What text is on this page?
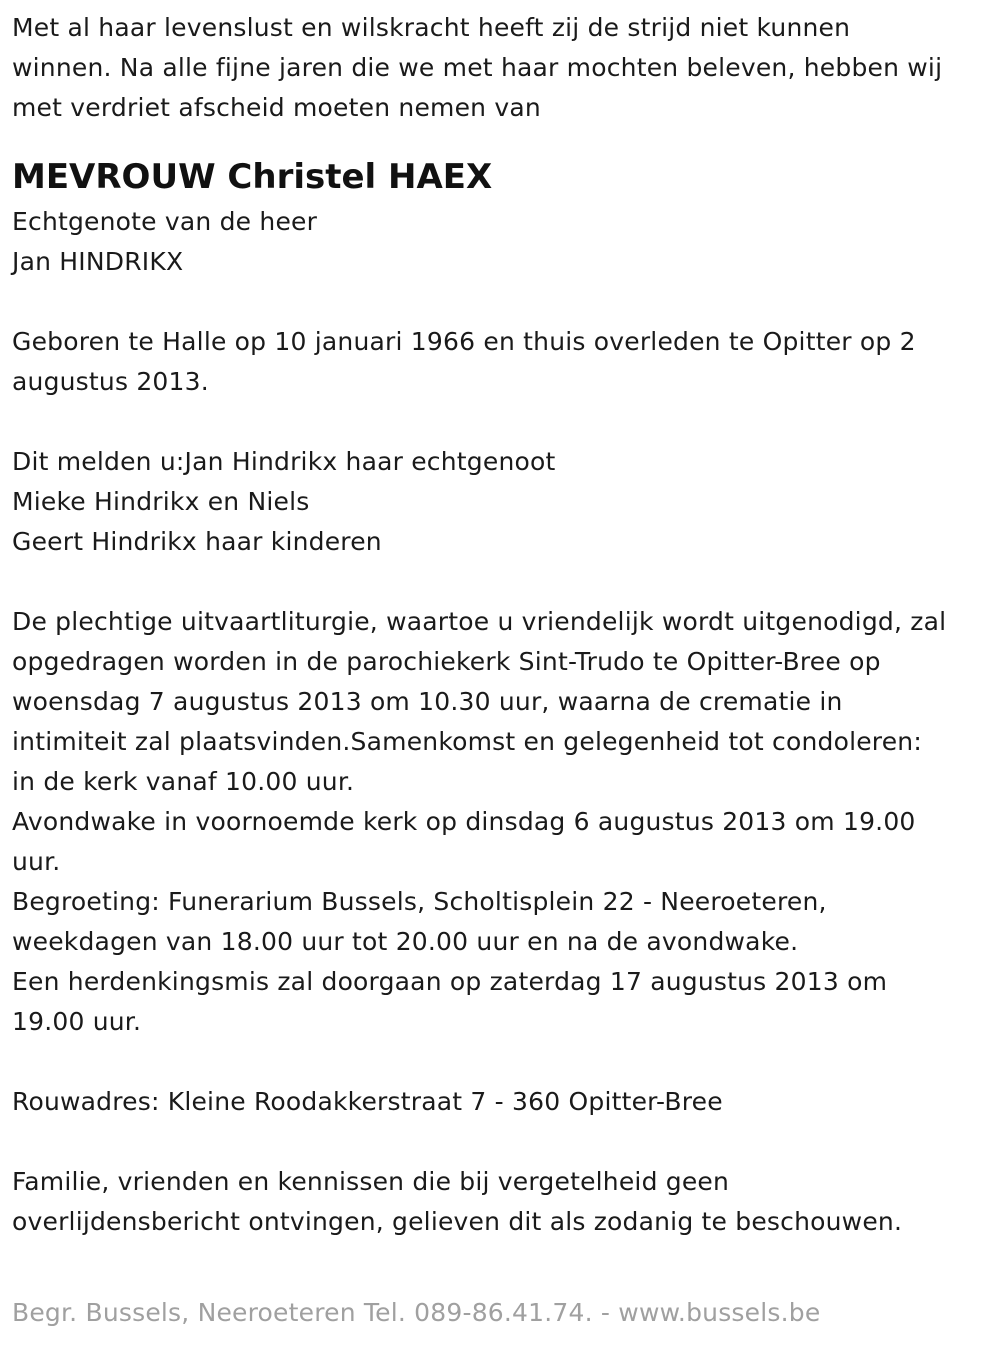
Met al haar levenslust en wilskracht heeft zij de strijd niet kunnen
winnen. Na alle fijne jaren die we met haar mochten beleven, hebben wij
met verdriet afscheid moeten nemen van
MEVROUW Christel HAEX
Echtgenote van de heer
Jan HINDRIKX
Geboren te Halle op 10 januari 1966 en thuis overleden te Opitter op 2
augustus 2013.
Dit melden u:Jan Hindrikx haar echtgenoot
Mieke Hindrikx en Niels
Geert Hindrikx haar kinderen
De plechtige uitvaartliturgie, waartoe u vriendelijk wordt uitgenodigd, zal
opgedragen worden in de parochiekerk Sint-Trudo te Opitter-Bree op
woensdag 7 augustus 2013 om 10.30 uur, waarna de crematie in
intimiteit zal plaatsvinden.Samenkomst en gelegenheid tot condoleren:
in de kerk vanaf 10.00 uur.
Avondwake in voornoemde kerk op dinsdag 6 augustus 2013 om 19.00
uur.
Begroeting: Funerarium Bussels, Scholtisplein 22 - Neeroeteren,
weekdagen van 18.00 uur tot 20.00 uur en na de avondwake.
Een herdenkingsmis zal doorgaan op zaterdag 17 augustus 2013 om
19.00 uur.
Rouwadres: Kleine Roodakkerstraat 7 - 360 Opitter-Bree
Familie, vrienden en kennissen die bij vergetelheid geen
overlijdensbericht ontvingen, gelieven dit als zodanig te beschouwen.
Begr. Bussels, Neeroeteren Tel. 089-86.41.74. - www.bussels.be
